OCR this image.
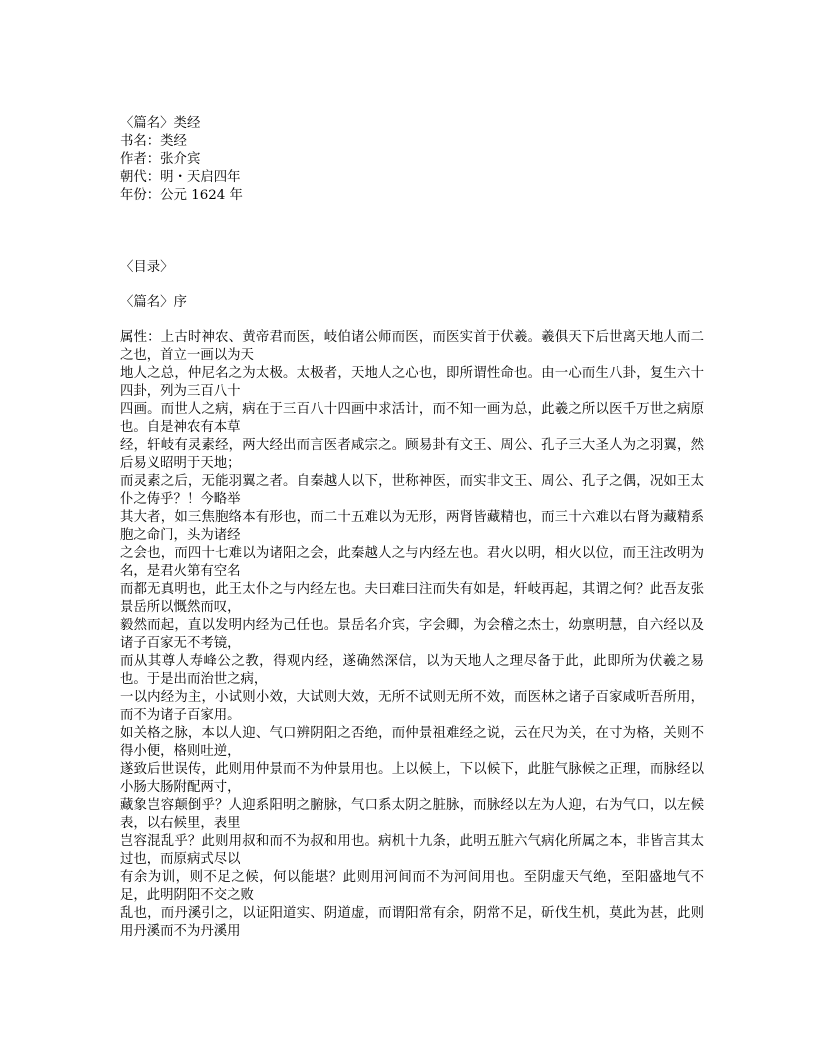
〈篇名〉类经
书名：类经
作者：张介宾
朝代：明・天启四年
年份：公元 1624 年
〈目录〉
〈篇名〉序

属性：上古时神农、黄帝君而医，岐伯诸公师而医，而医实首于伏羲。羲俱天下后世离天地人而二之也，首立一画以为天

地人之总，仲尼名之为太极。太极者，天地人之心也，即所谓性命也。由一心而生八卦，复生六十四卦，列为三百八十

四画。而世人之病，病在于三百八十四画中求活计，而不知一画为总，此羲之所以医千万世之病原也。自是神农有本草

经，轩岐有灵素经，两大经出而言医者咸宗之。顾易卦有文王、周公、孔子三大圣人为之羽翼，然后易义昭明于天地；

而灵素之后，无能羽翼之者。自秦越人以下，世称神医，而实非文王、周公、孔子之偶，况如王太仆之俦乎？！今略举

其大者，如三焦胞络本有形也，而二十五难以为无形，两肾皆藏精也，而三十六难以右肾为藏精系胞之命门，头为诸经

之会也，而四十七难以为诸阳之会，此秦越人之与内经左也。君火以明，相火以位，而王注改明为名，是君火第有空名

而都无真明也，此王太仆之与内经左也。夫曰难曰注而失有如是，轩岐再起，其谓之何？此吾友张景岳所以慨然而叹，

毅然而起，直以发明内经为己任也。景岳名介宾，字会卿，为会稽之杰士，幼禀明慧，自六经以及诸子百家无不考镜，

而从其尊人寿峰公之教，得观内经，遂确然深信，以为天地人之理尽备于此，此即所为伏羲之易也。于是出而治世之病，

一以内经为主，小试则小效，大试则大效，无所不试则无所不效，而医林之诸子百家咸听吾所用，而不为诸子百家用。

如关格之脉，本以人迎、气口辨阴阳之否绝，而仲景祖难经之说，云在尺为关，在寸为格，关则不得小便，格则吐逆，

遂致后世误传，此则用仲景而不为仲景用也。上以候上，下以候下，此脏气脉候之正理，而脉经以小肠大肠附配两寸，

藏象岂容颠倒乎？人迎系阳明之腑脉，气口系太阴之脏脉，而脉经以左为人迎，右为气口，以左候表，以右候里，表里

岂容混乱乎？此则用叔和而不为叔和用也。病机十九条，此明五脏六气病化所属之本，非皆言其太过也，而原病式尽以

有余为训，则不足之候，何以能堪？此则用河间而不为河间用也。至阴虚天气绝，至阳盛地气不足，此明阴阳不交之败

乱也，而丹溪引之，以证阳道实、阴道虚，而谓阳常有余，阴常不足，斫伐生机，莫此为甚，此则用丹溪而不为丹溪用
